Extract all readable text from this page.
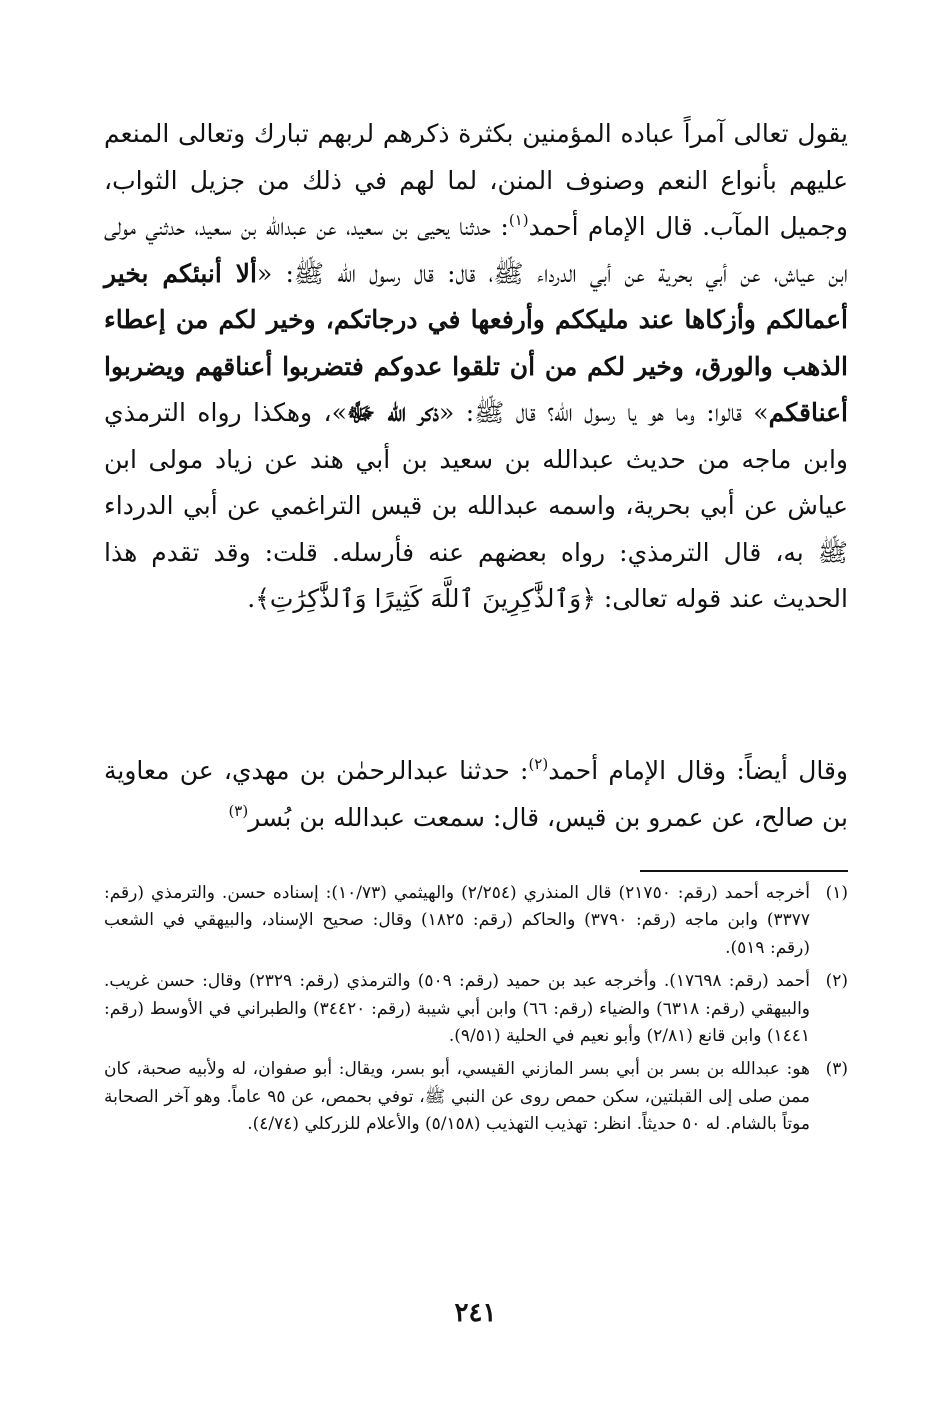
يقول تعالى آمراً عباده المؤمنين بكثرة ذكرهم لربهم تبارك وتعالى المنعم عليهم بأنواع النعم وصنوف المنن، لما لهم في ذلك من جزيل الثواب، وجميل المآب. قال الإمام أحمد$^{(١)}$: حدثنا يحيى بن سعيد، عن عبدالله بن سعيد، حدثني مولى ابن عياش، عن أبي بحرية عن أبي الدرداء ﷺ، قال: قال رسول الله ﷺ: «ألا أنبئكم بخير أعمالكم وأزكاها عند مليككم وأرفعها في درجاتكم، وخير لكم من إعطاء الذهب والورق، وخير لكم من أن تلقوا عدوكم فتضربوا أعناقهم ويضربوا أعناقكم» قالوا: وما هو يا رسول الله؟ قال ﷺ: «ذكر الله ﷻ»، وهكذا رواه الترمذي وابن ماجه من حديث عبدالله بن سعيد بن أبي هند عن زياد مولى ابن عياش عن أبي بحرية، واسمه عبدالله بن قيس التراغمي عن أبي الدرداء ﷺ به، قال الترمذي: رواه بعضهم عنه فأرسله. قلت: وقد تقدم هذا الحديث عند قوله تعالى: ﴿وَٱلذَّٰكِرِينَ ٱللَّهَ كَثِيرًا وَٱلذَّٰكِرَٰتِ﴾.

وقال أيضاً: وقال الإمام أحمد$^{(٢)}$: حدثنا عبدالرحمٰن بن مهدي، عن معاوية بن صالح، عن عمرو بن قيس، قال: سمعت عبدالله بن بُسر$^{(٣)}$

(١)
أخرجه أحمد (رقم: ٢١٧٥٠) قال المنذري (٢/٢٥٤) والهيثمي (١٠/٧٣): إسناده حسن. والترمذي (رقم: ٣٣٧٧) وابن ماجه (رقم: ٣٧٩٠) والحاكم (رقم: ١٨٢٥) وقال: صحيح الإسناد، والبيهقي في الشعب (رقم: ٥١٩).
(٢)
أحمد (رقم: ١٧٦٩٨). وأخرجه عبد بن حميد (رقم: ٥٠٩) والترمذي (رقم: ٢٣٢٩) وقال: حسن غريب. والبيهقي (رقم: ٦٣١٨) والضياء (رقم: ٦٦) وابن أبي شيبة (رقم: ٣٤٤٢٠) والطبراني في الأوسط (رقم: ١٤٤١) وابن قانع (٢/٨١) وأبو نعيم في الحلية (٩/٥١).
(٣)
هو: عبدالله بن بسر بن أبي بسر المازني القيسي، أبو بسر، ويقال: أبو صفوان، له ولأبيه صحبة، كان ممن صلى إلى القبلتين، سكن حمص روى عن النبي ﷺ، توفي بحمص، عن ٩٥ عاماً. وهو آخر الصحابة موتاً بالشام. له ٥٠ حديثاً. انظر: تهذيب التهذيب (٥/١٥٨) والأعلام للزركلي (٤/٧٤).
٢٤١
